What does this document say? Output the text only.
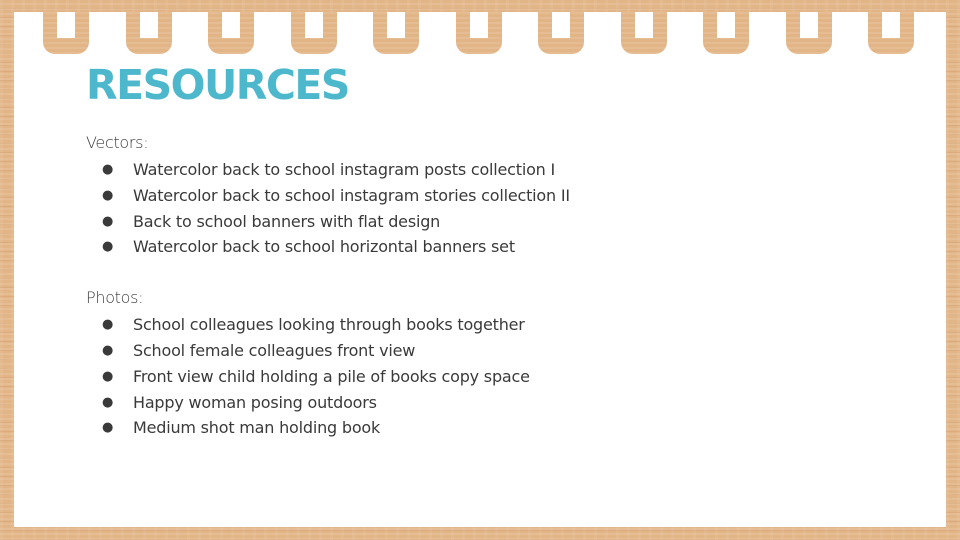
RESOURCES

Vectors:

● Watercolor back to school instagram posts collection I
● Watercolor back to school instagram stories collection II
● Back to school banners with flat design
● Watercolor back to school horizontal banners set

Photos:

● School colleagues looking through books together
● School female colleagues front view
● Front view child holding a pile of books copy space
● Happy woman posing outdoors
● Medium shot man holding book
